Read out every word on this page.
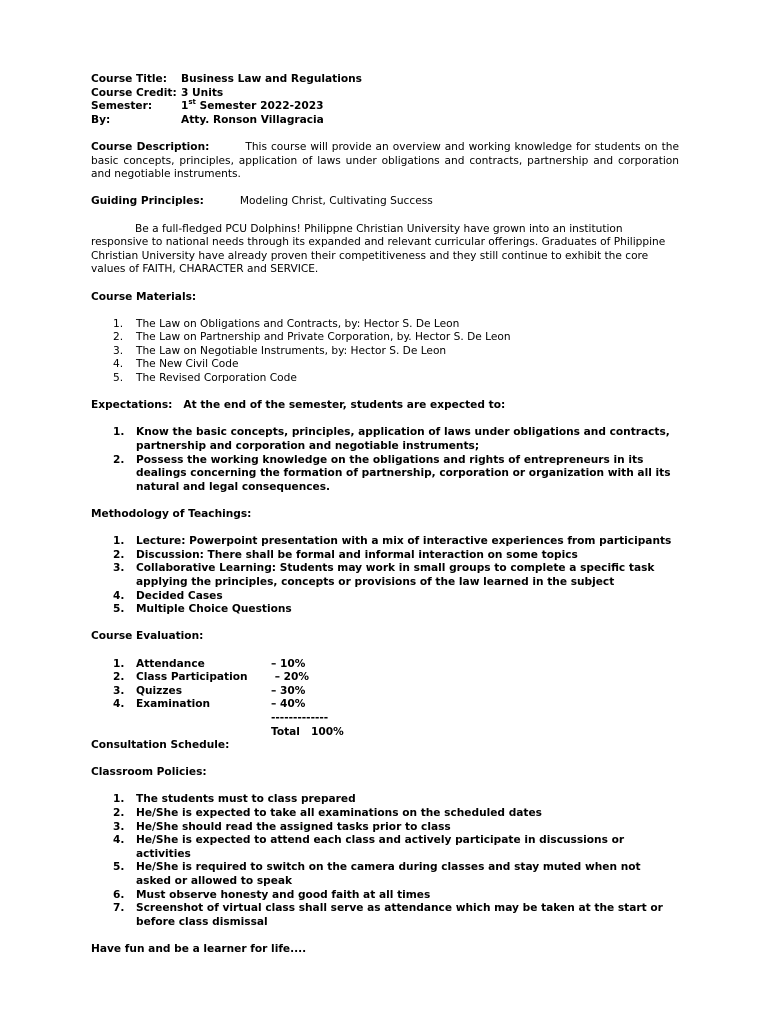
Course Title:	Business Law and Regulations
Course Credit: 3 Units
Semester:	1st Semester 2022-2023
By:	Atty. Ronson Villagracia
Course Description:	This course will provide an overview and working knowledge for students on the basic concepts, principles, application of laws under obligations and contracts, partnership and corporation and negotiable instruments.
Guiding Principles:	Modeling Christ, Cultivating Success
Be a full-fledged PCU Dolphins! Philippne Christian University have grown into an institution responsive to national needs through its expanded and relevant curricular offerings. Graduates of Philippine Christian University have already proven their competitiveness and they still continue to exhibit the core values of FAITH, CHARACTER and SERVICE.
Course Materials:
1.	The Law on Obligations and Contracts, by: Hector S. De Leon
2.	The Law on Partnership and Private Corporation, by. Hector S. De Leon
3.	The Law on Negotiable Instruments, by: Hector S. De Leon
4.	The New Civil Code
5.	The Revised Corporation Code
Expectations: At the end of the semester, students are expected to:
1.	Know the basic concepts, principles, application of laws under obligations and contracts, partnership and corporation and negotiable instruments;
2.	Possess the working knowledge on the obligations and rights of entrepreneurs in its dealings concerning the formation of partnership, corporation or organization with all its natural and legal consequences.
Methodology of Teachings:
1.	Lecture: Powerpoint presentation with a mix of interactive experiences from participants
2.	Discussion: There shall be formal and informal interaction on some topics
3.	Collaborative Learning: Students may work in small groups to complete a specific task applying the principles, concepts or provisions of the law learned in the subject
4.	Decided Cases
5.	Multiple Choice Questions
Course Evaluation:
1.	Attendance	– 10%
2.	Class Participation	– 20%
3.	Quizzes	– 30%
4.	Examination	– 40%
-------------
Total   100%
Consultation Schedule:
Classroom Policies:
1.	The students must to class prepared
2.	He/She is expected to take all examinations on the scheduled dates
3.	He/She should read the assigned tasks prior to class
4.	He/She is expected to attend each class and actively participate in discussions or activities
5.	He/She is required to switch on the camera during classes and stay muted when not asked or allowed to speak
6.	Must observe honesty and good faith at all times
7.	Screenshot of virtual class shall serve as attendance which may be taken at the start or before class dismissal
Have fun and be a learner for life....
